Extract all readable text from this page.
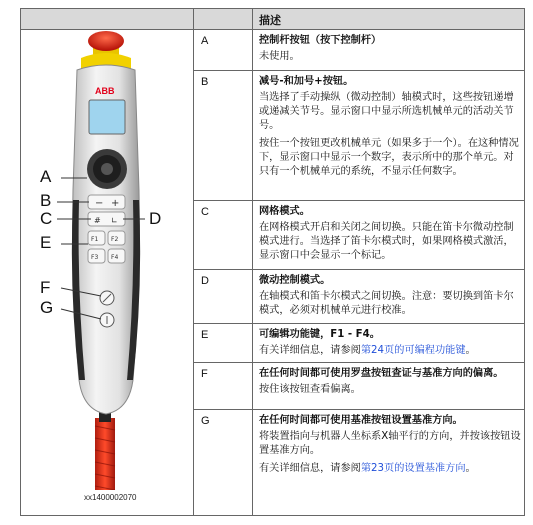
描述
ABB
− +
# ∟
F1 F2
F3 F4
A
B
C	D
E
F
G
xx1400002070
A	控制杆按钮（按下控制杆）

未使用。

B	减号-和加号+按钮。

当选择了手动操纵（微动控制）轴模式时，这些按钮递增或递减关节号。显示窗口中显示所选机械单元的活动关节号。

按住一个按钮更改机械单元（如果多于一个）。在这种情况下，显示窗口中显示一个数字，表示所中的那个单元。对只有一个机械单元的系统，不显示任何数字。

C	网格模式。

在网格模式开启和关闭之间切换。只能在笛卡尔微动控制模式进行。当选择了笛卡尔模式时，如果网格模式激活，显示窗口中会显示一个标记。

D	微动控制模式。

在轴模式和笛卡尔模式之间切换。注意：要切换到笛卡尔模式，必须对机械单元进行校准。

E	可编辑功能键，F1 - F4。

有关详细信息，请参阅第24页的可编程功能键。

F	在任何时间都可使用罗盘按钮查证与基准方向的偏离。

按住该按钮查看偏离。

G	在任何时间都可使用基准按钮设置基准方向。

将装置指向与机器人坐标系X轴平行的方向，并按该按钮设置基准方向。

有关详细信息，请参阅第23页的设置基准方向。
